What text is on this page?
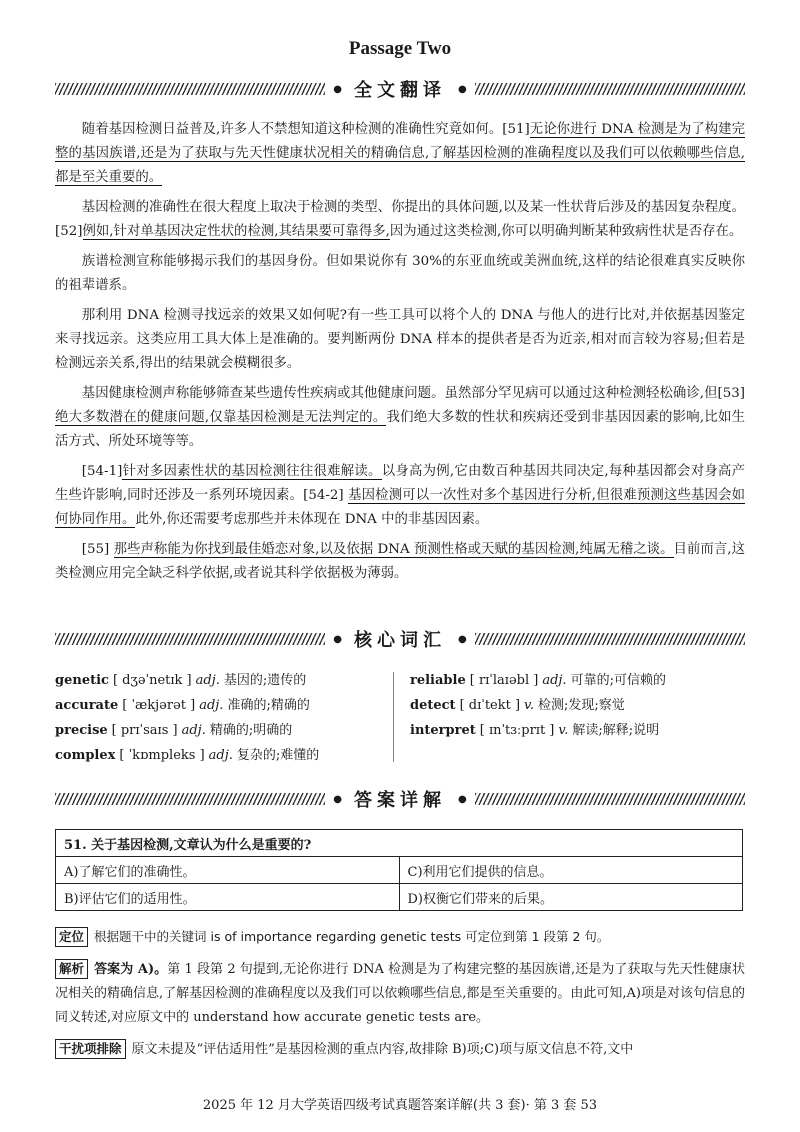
Passage Two
● 全文翻译 ●

随着基因检测日益普及,许多人不禁想知道这种检测的准确性究竟如何。[51]无论你进行 DNA 检测是为了构建完整的基因族谱,还是为了获取与先天性健康状况相关的精确信息,了解基因检测的准确程度以及我们可以依赖哪些信息,都是至关重要的。

基因检测的准确性在很大程度上取决于检测的类型、你提出的具体问题,以及某一性状背后涉及的基因复杂程度。[52]例如,针对单基因决定性状的检测,其结果要可靠得多,因为通过这类检测,你可以明确判断某种致病性状是否存在。

族谱检测宣称能够揭示我们的基因身份。但如果说你有 30%的东亚血统或美洲血统,这样的结论很难真实反映你的祖辈谱系。

那利用 DNA 检测寻找远亲的效果又如何呢?有一些工具可以将个人的 DNA 与他人的进行比对,并依据基因鉴定来寻找远亲。这类应用工具大体上是准确的。要判断两份 DNA 样本的提供者是否为近亲,相对而言较为容易;但若是检测远亲关系,得出的结果就会模糊很多。

基因健康检测声称能够筛查某些遗传性疾病或其他健康问题。虽然部分罕见病可以通过这种检测轻松确诊,但[53]绝大多数潜在的健康问题,仅靠基因检测是无法判定的。我们绝大多数的性状和疾病还受到非基因因素的影响,比如生活方式、所处环境等等。

[54-1]针对多因素性状的基因检测往往很难解读。以身高为例,它由数百种基因共同决定,每种基因都会对身高产生些许影响,同时还涉及一系列环境因素。[54-2] 基因检测可以一次性对多个基因进行分析,但很难预测这些基因会如何协同作用。此外,你还需要考虑那些并未体现在 DNA 中的非基因因素。

[55] 那些声称能为你找到最佳婚恋对象,以及依据 DNA 预测性格或天赋的基因检测,纯属无稽之谈。目前而言,这类检测应用完全缺乏科学依据,或者说其科学依据极为薄弱。

● 核心词汇 ●
genetic [ dʒəˈnetɪk ] adj. 基因的;遗传的
accurate [ ˈækjərət ] adj. 准确的;精确的
precise [ prɪˈsaɪs ] adj. 精确的;明确的
complex [ ˈkɒmpleks ] adj. 复杂的;难懂的
reliable [ rɪˈlaɪəbl ] adj. 可靠的;可信赖的
detect [ dɪˈtekt ] v. 检测;发现;察觉
interpret [ ɪnˈtɜːprɪt ] v. 解读;解释;说明
● 答案详解 ●
51. 关于基因检测,文章认为什么是重要的?	
A)了解它们的准确性。	C)利用它们提供的信息。
B)评估它们的适用性。	D)权衡它们带来的后果。

定位 根据题干中的关键词 is of importance regarding genetic tests 可定位到第 1 段第 2 句。

解析 答案为 A)。第 1 段第 2 句提到,无论你进行 DNA 检测是为了构建完整的基因族谱,还是为了获取与先天性健康状况相关的精确信息,了解基因检测的准确程度以及我们可以依赖哪些信息,都是至关重要的。由此可知,A)项是对该句信息的同义转述,对应原文中的 understand how accurate genetic tests are。

干扰项排除 原文未提及“评估适用性”是基因检测的重点内容,故排除 B)项;C)项与原文信息不符,文中

2025 年 12 月大学英语四级考试真题答案详解(共 3 套)· 第 3 套 53
